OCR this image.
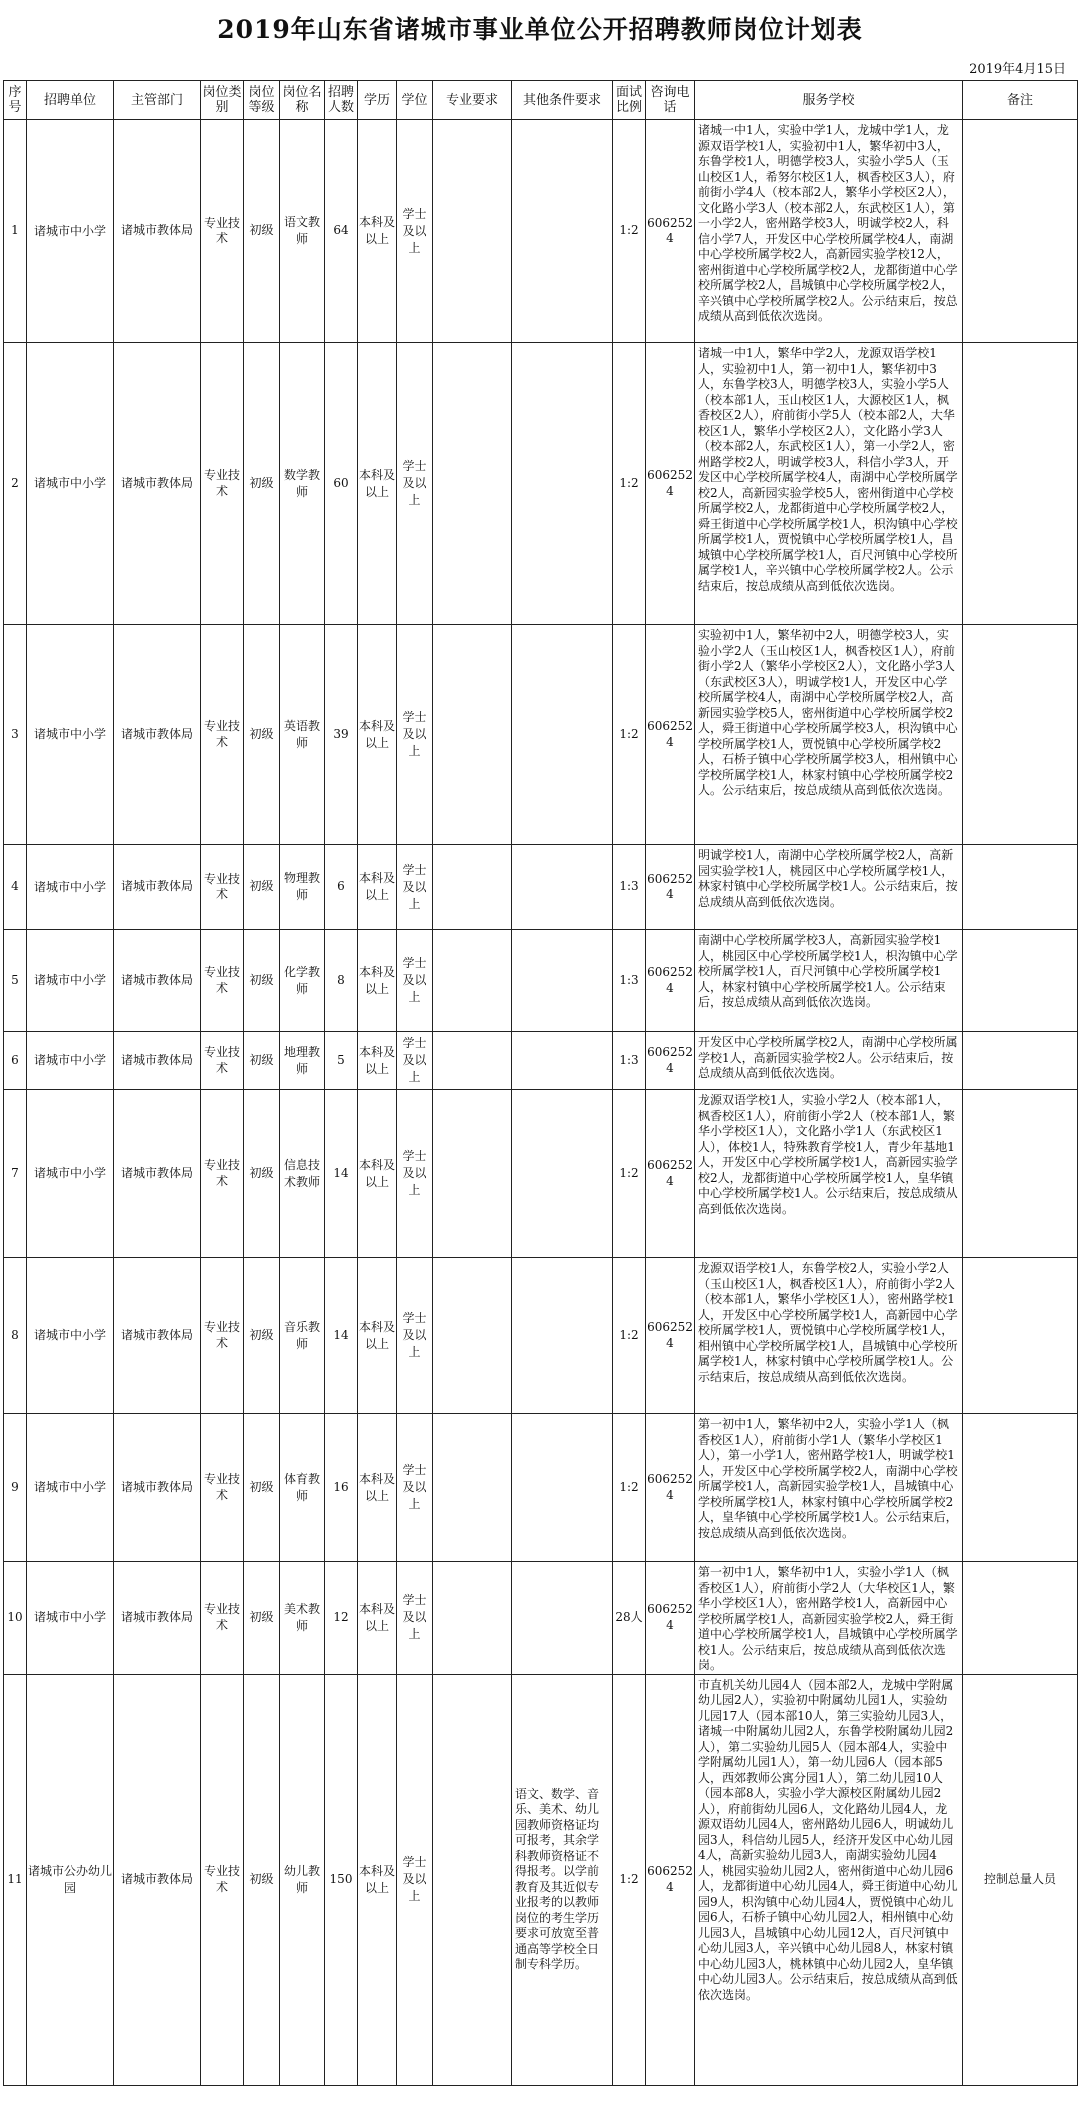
2019年山东省诸城市事业单位公开招聘教师岗位计划表
2019年4月15日
序号	招聘单位	主管部门	岗位类别	岗位等级	岗位名称	招聘人数	学历	学位	专业要求	其他条件要求	面试比例	咨询电话	服务学校	备注
1	诸城市中小学	诸城市教体局	专业技术	初级	语文教师	64	本科及以上	学士及以上			1:2	6062524	诸城一中1人，实验中学1人，龙城中学1人，龙源双语学校1人，实验初中1人，繁华初中3人，东鲁学校1人，明德学校3人，实验小学5人（玉山校区1人，希努尔校区1人，枫香校区3人），府前街小学4人（校本部2人，繁华小学校区2人），文化路小学3人（校本部2人，东武校区1人），第一小学2人，密州路学校3人，明诚学校2人，科信小学7人，开发区中心学校所属学校4人，南湖中心学校所属学校2人，高新园实验学校12人，密州街道中心学校所属学校2人，龙都街道中心学校所属学校2人，昌城镇中心学校所属学校2人，辛兴镇中心学校所属学校2人。公示结束后，按总成绩从高到低依次选岗。	
2	诸城市中小学	诸城市教体局	专业技术	初级	数学教师	60	本科及以上	学士及以上			1:2	6062524	诸城一中1人，繁华中学2人，龙源双语学校1人，实验初中1人，第一初中1人，繁华初中3人，东鲁学校3人，明德学校3人，实验小学5人（校本部1人，玉山校区1人，大源校区1人，枫香校区2人），府前街小学5人（校本部2人，大华校区1人，繁华小学校区2人），文化路小学3人（校本部2人，东武校区1人），第一小学2人，密州路学校2人，明诚学校3人，科信小学3人，开发区中心学校所属学校4人，南湖中心学校所属学校2人，高新园实验学校5人，密州街道中心学校所属学校2人，龙都街道中心学校所属学校2人，舜王街道中心学校所属学校1人，枳沟镇中心学校所属学校1人，贾悦镇中心学校所属学校1人，昌城镇中心学校所属学校1人，百尺河镇中心学校所属学校1人，辛兴镇中心学校所属学校2人。公示结束后，按总成绩从高到低依次选岗。	
3	诸城市中小学	诸城市教体局	专业技术	初级	英语教师	39	本科及以上	学士及以上			1:2	6062524	实验初中1人，繁华初中2人，明德学校3人，实验小学2人（玉山校区1人，枫香校区1人），府前街小学2人（繁华小学校区2人），文化路小学3人（东武校区3人），明诚学校1人，开发区中心学校所属学校4人，南湖中心学校所属学校2人，高新园实验学校5人，密州街道中心学校所属学校2人，舜王街道中心学校所属学校3人，枳沟镇中心学校所属学校1人，贾悦镇中心学校所属学校2人，石桥子镇中心学校所属学校3人，相州镇中心学校所属学校1人，林家村镇中心学校所属学校2人。公示结束后，按总成绩从高到低依次选岗。	
4	诸城市中小学	诸城市教体局	专业技术	初级	物理教师	6	本科及以上	学士及以上			1:3	6062524	明诚学校1人，南湖中心学校所属学校2人，高新园实验学校1人，桃园区中心学校所属学校1人，林家村镇中心学校所属学校1人。公示结束后，按总成绩从高到低依次选岗。	
5	诸城市中小学	诸城市教体局	专业技术	初级	化学教师	8	本科及以上	学士及以上			1:3	6062524	南湖中心学校所属学校3人，高新园实验学校1人，桃园区中心学校所属学校1人，枳沟镇中心学校所属学校1人，百尺河镇中心学校所属学校1人，林家村镇中心学校所属学校1人。公示结束后，按总成绩从高到低依次选岗。	
6	诸城市中小学	诸城市教体局	专业技术	初级	地理教师	5	本科及以上	学士及以上			1:3	6062524	开发区中心学校所属学校2人，南湖中心学校所属学校1人，高新园实验学校2人。公示结束后，按总成绩从高到低依次选岗。	
7	诸城市中小学	诸城市教体局	专业技术	初级	信息技术教师	14	本科及以上	学士及以上			1:2	6062524	龙源双语学校1人，实验小学2人（校本部1人，枫香校区1人），府前街小学2人（校本部1人，繁华小学校区1人），文化路小学1人（东武校区1人），体校1人，特殊教育学校1人，青少年基地1人，开发区中心学校所属学校1人，高新园实验学校2人，龙都街道中心学校所属学校1人，皇华镇中心学校所属学校1人。公示结束后，按总成绩从高到低依次选岗。	
8	诸城市中小学	诸城市教体局	专业技术	初级	音乐教师	14	本科及以上	学士及以上			1:2	6062524	龙源双语学校1人，东鲁学校2人，实验小学2人（玉山校区1人，枫香校区1人），府前街小学2人（校本部1人，繁华小学校区1人），密州路学校1人，开发区中心学校所属学校1人，高新园中心学校所属学校1人，贾悦镇中心学校所属学校1人，相州镇中心学校所属学校1人，昌城镇中心学校所属学校1人，林家村镇中心学校所属学校1人。公示结束后，按总成绩从高到低依次选岗。	
9	诸城市中小学	诸城市教体局	专业技术	初级	体育教师	16	本科及以上	学士及以上			1:2	6062524	第一初中1人，繁华初中2人，实验小学1人（枫香校区1人），府前街小学1人（繁华小学校区1人），第一小学1人，密州路学校1人，明诚学校1人，开发区中心学校所属学校2人，南湖中心学校所属学校1人，高新园实验学校1人，昌城镇中心学校所属学校1人，林家村镇中心学校所属学校2人，皇华镇中心学校所属学校1人。公示结束后，按总成绩从高到低依次选岗。	
10	诸城市中小学	诸城市教体局	专业技术	初级	美术教师	12	本科及以上	学士及以上			28人	6062524	第一初中1人，繁华初中1人，实验小学1人（枫香校区1人），府前街小学2人（大华校区1人，繁华小学校区1人），密州路学校1人，高新园中心学校所属学校1人，高新园实验学校2人，舜王街道中心学校所属学校1人，昌城镇中心学校所属学校1人。公示结束后，按总成绩从高到低依次选岗。	
11	诸城市公办幼儿园	诸城市教体局	专业技术	初级	幼儿教师	150	本科及以上	学士及以上		语文、数学、音乐、美术、幼儿园教师资格证均可报考，其余学科教师资格证不得报考。以学前教育及其近似专业报考的以教师岗位的考生学历要求可放宽至普通高等学校全日制专科学历。	1:2	6062524	市直机关幼儿园4人（园本部2人，龙城中学附属幼儿园2人），实验初中附属幼儿园1人，实验幼儿园17人（园本部10人，第三实验幼儿园3人，诸城一中附属幼儿园2人，东鲁学校附属幼儿园2人），第二实验幼儿园5人（园本部4人，实验中学附属幼儿园1人），第一幼儿园6人（园本部5人，西郊教师公寓分园1人），第二幼儿园10人（园本部8人，实验小学大源校区附属幼儿园2人），府前街幼儿园6人，文化路幼儿园4人，龙源双语幼儿园4人，密州路幼儿园6人，明诚幼儿园3人，科信幼儿园5人，经济开发区中心幼儿园4人，高新实验幼儿园3人，南湖实验幼儿园4人，桃园实验幼儿园2人，密州街道中心幼儿园6人，龙都街道中心幼儿园4人，舜王街道中心幼儿园9人，枳沟镇中心幼儿园4人，贾悦镇中心幼儿园6人，石桥子镇中心幼儿园2人，相州镇中心幼儿园3人，昌城镇中心幼儿园12人，百尺河镇中心幼儿园3人，辛兴镇中心幼儿园8人，林家村镇中心幼儿园3人，桃林镇中心幼儿园2人，皇华镇中心幼儿园3人。公示结束后，按总成绩从高到低依次选岗。	控制总量人员
